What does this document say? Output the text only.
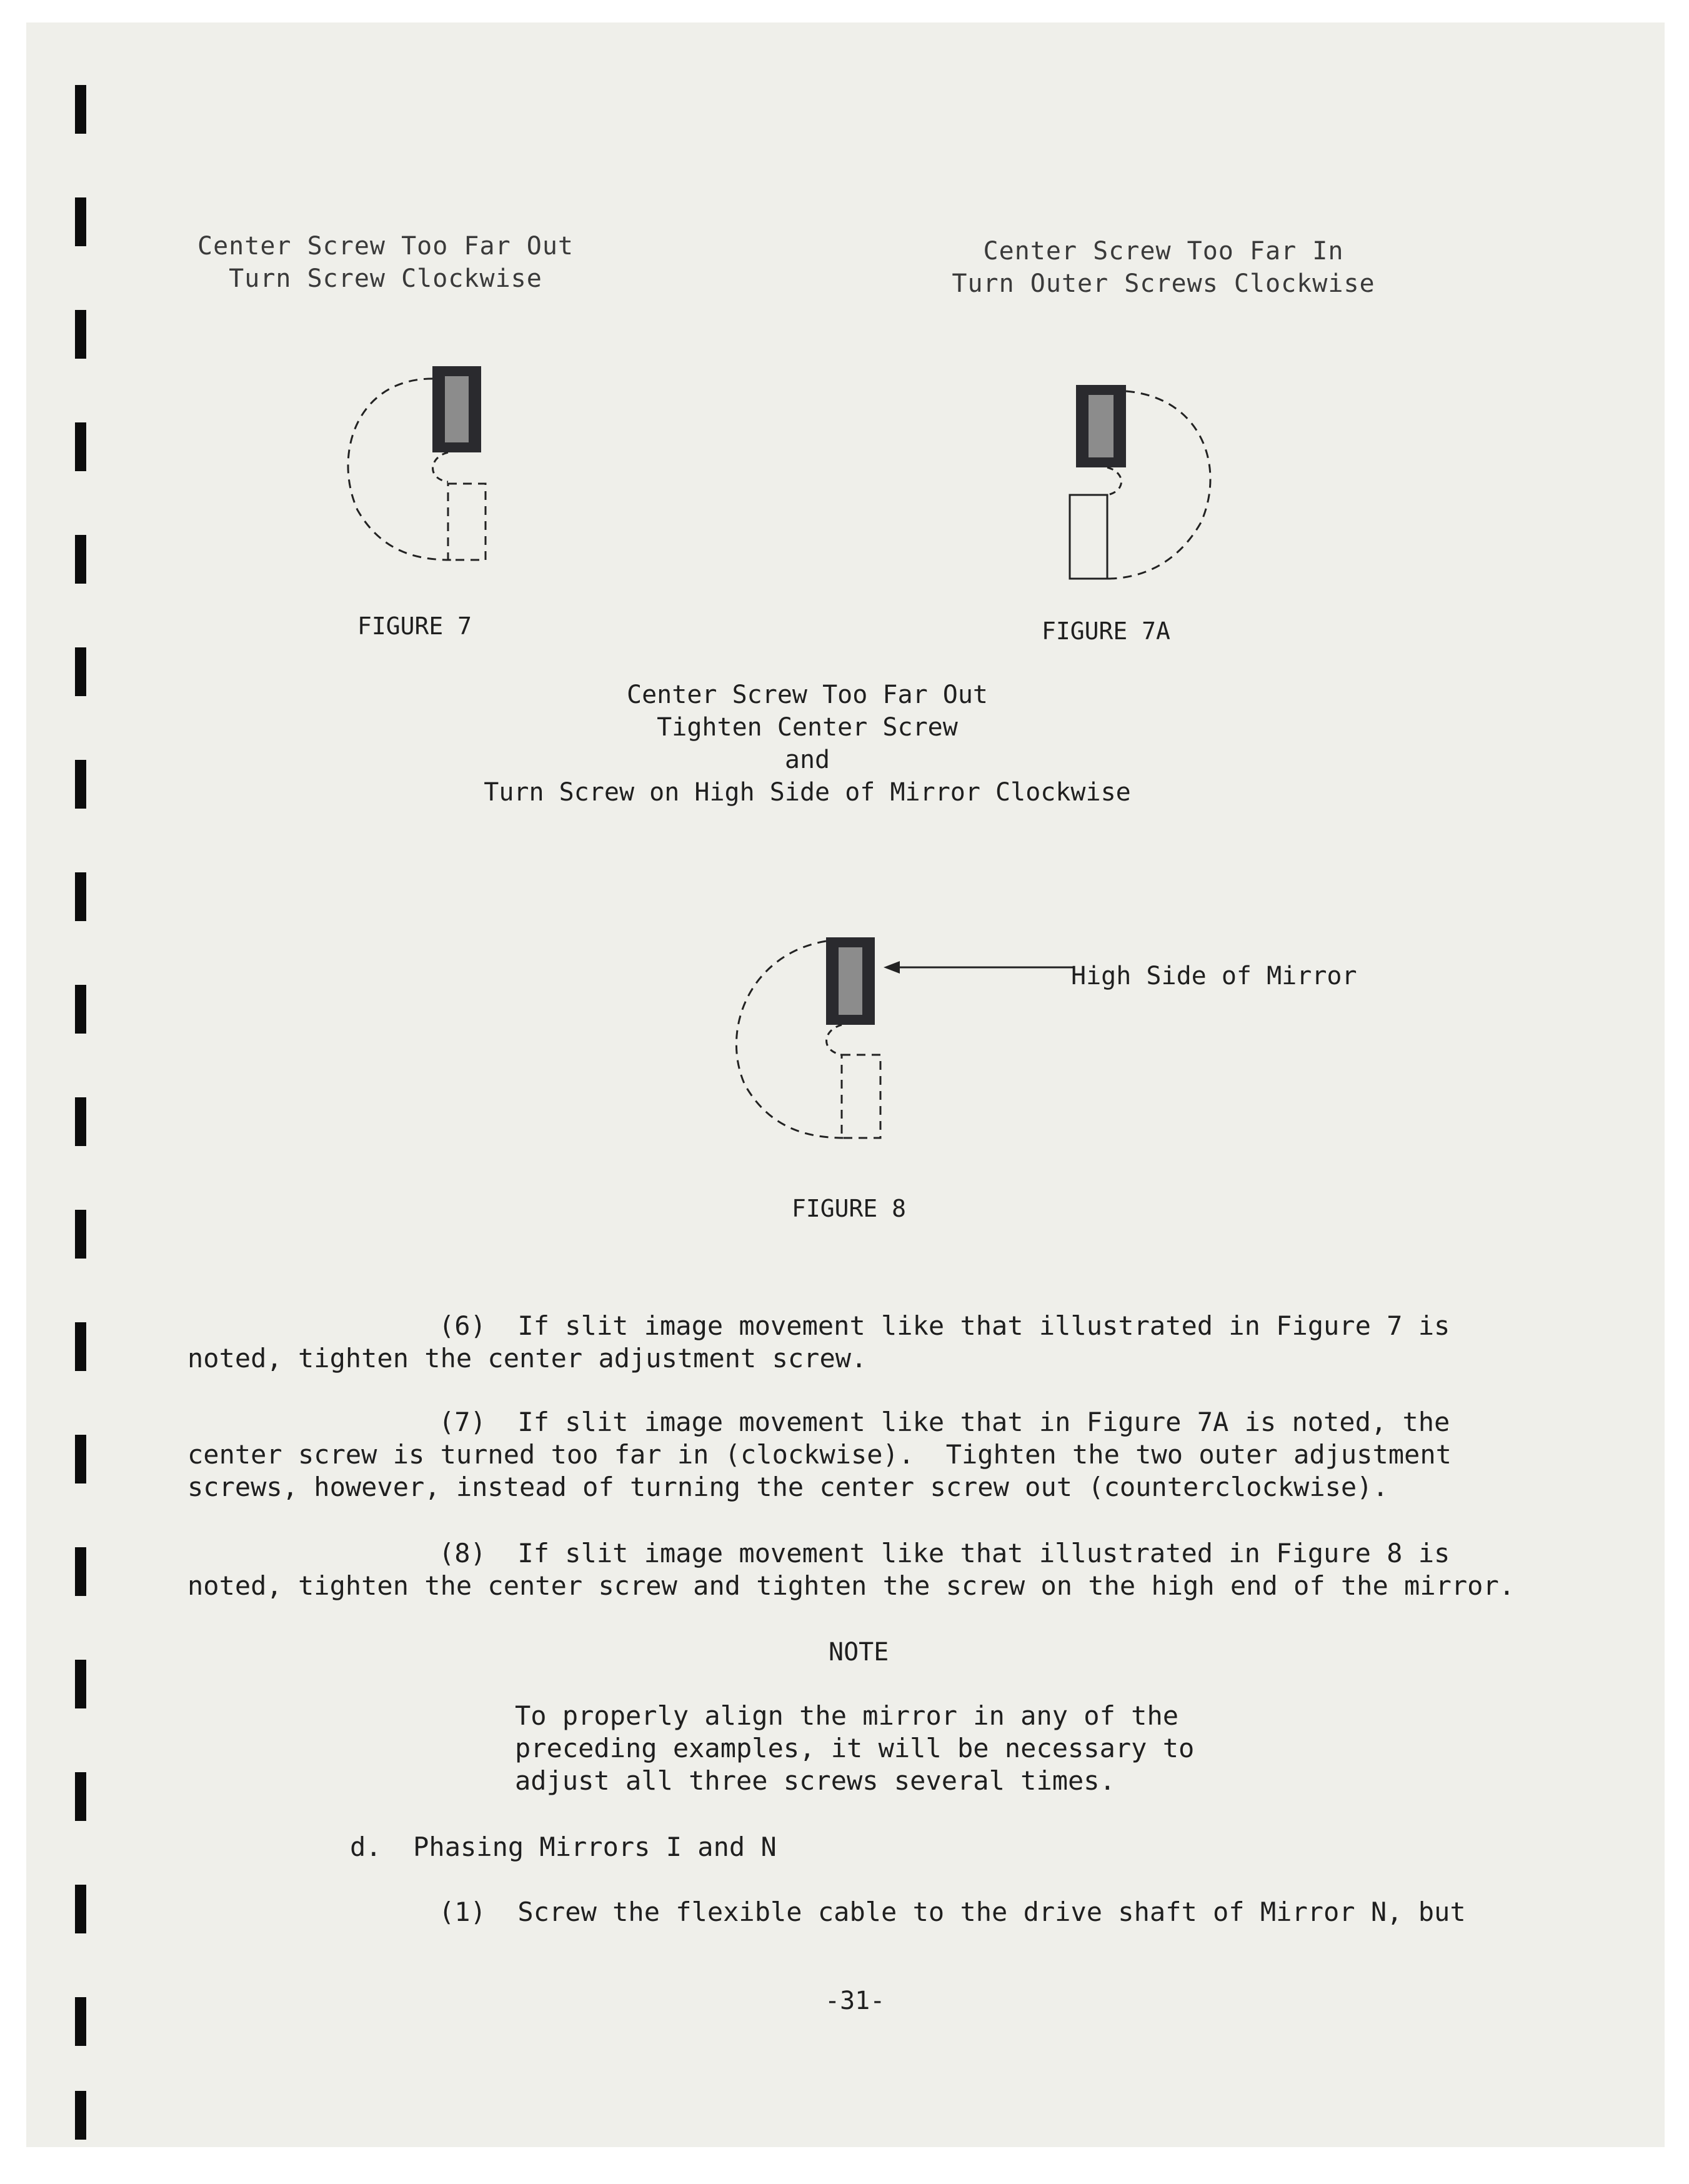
Center Screw Too Far Out
Turn Screw Clockwise
Center Screw Too Far In
Turn Outer Screws Clockwise
FIGURE 7	FIGURE 7A
Center Screw Too Far Out
Tighten Center Screw
and
Turn Screw on High Side of Mirror Clockwise
High Side of Mirror
FIGURE 8
(6)  If slit image movement like that illustrated in Figure 7 is
noted, tighten the center adjustment screw.
(7)  If slit image movement like that in Figure 7A is noted, the
center screw is turned too far in (clockwise).  Tighten the two outer adjustment
screws, however, instead of turning the center screw out (counterclockwise).
(8)  If slit image movement like that illustrated in Figure 8 is
noted, tighten the center screw and tighten the screw on the high end of the mirror.
NOTE
To properly align the mirror in any of the
preceding examples, it will be necessary to
adjust all three screws several times.
d.  Phasing Mirrors I and N
(1)  Screw the flexible cable to the drive shaft of Mirror N, but
-31-
